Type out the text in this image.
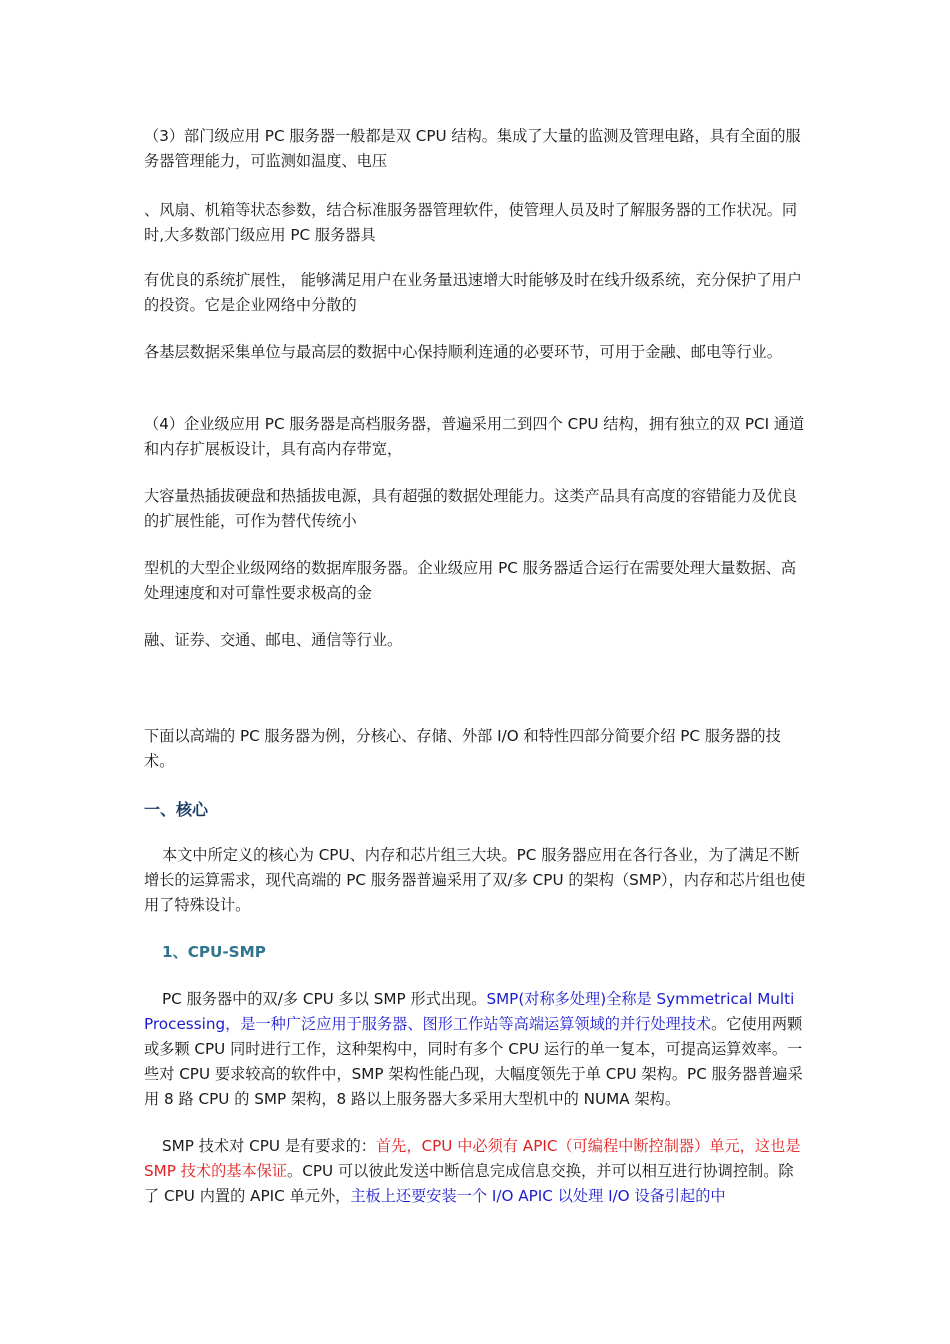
（3）部门级应用 PC 服务器一般都是双 CPU 结构。集成了大量的监测及管理电路，具有全面的服务器管理能力，可监测如温度、电压

、风扇、机箱等状态参数，结合标准服务器管理软件，使管理人员及时了解服务器的工作状况。同时,大多数部门级应用 PC 服务器具

有优良的系统扩展性， 能够满足用户在业务量迅速增大时能够及时在线升级系统，充分保护了用户的投资。它是企业网络中分散的

各基层数据采集单位与最高层的数据中心保持顺利连通的必要环节，可用于金融、邮电等行业。

（4）企业级应用 PC 服务器是高档服务器，普遍采用二到四个 CPU 结构，拥有独立的双 PCI 通道和内存扩展板设计，具有高内存带宽，

大容量热插拔硬盘和热插拔电源，具有超强的数据处理能力。这类产品具有高度的容错能力及优良的扩展性能，可作为替代传统小

型机的大型企业级网络的数据库服务器。企业级应用 PC 服务器适合运行在需要处理大量数据、高处理速度和对可靠性要求极高的金

融、证券、交通、邮电、通信等行业。

下面以高端的 PC 服务器为例，分核心、存储、外部 I/O 和特性四部分简要介绍 PC 服务器的技术。

一、核心

本文中所定义的核心为 CPU、内存和芯片组三大块。PC 服务器应用在各行各业，为了满足不断增长的运算需求，现代高端的 PC 服务器普遍采用了双/多 CPU 的架构（SMP），内存和芯片组也使用了特殊设计。

1、CPU-SMP

PC 服务器中的双/多 CPU 多以 SMP 形式出现。SMP(对称多处理)全称是 Symmetrical Multi Processing，是一种广泛应用于服务器、图形工作站等高端运算领域的并行处理技术。它使用两颗或多颗 CPU 同时进行工作，这种架构中，同时有多个 CPU 运行的单一复本，可提高运算效率。一些对 CPU 要求较高的软件中，SMP 架构性能凸现，大幅度领先于单 CPU 架构。PC 服务器普遍采用 8 路 CPU 的 SMP 架构，8 路以上服务器大多采用大型机中的 NUMA 架构。

SMP 技术对 CPU 是有要求的：首先，CPU 中必须有 APIC（可编程中断控制器）单元，这也是 SMP 技术的基本保证。CPU 可以彼此发送中断信息完成信息交换，并可以相互进行协调控制。除了 CPU 内置的 APIC 单元外，主板上还要安装一个 I/O APIC 以处理 I/O 设备引起的中
